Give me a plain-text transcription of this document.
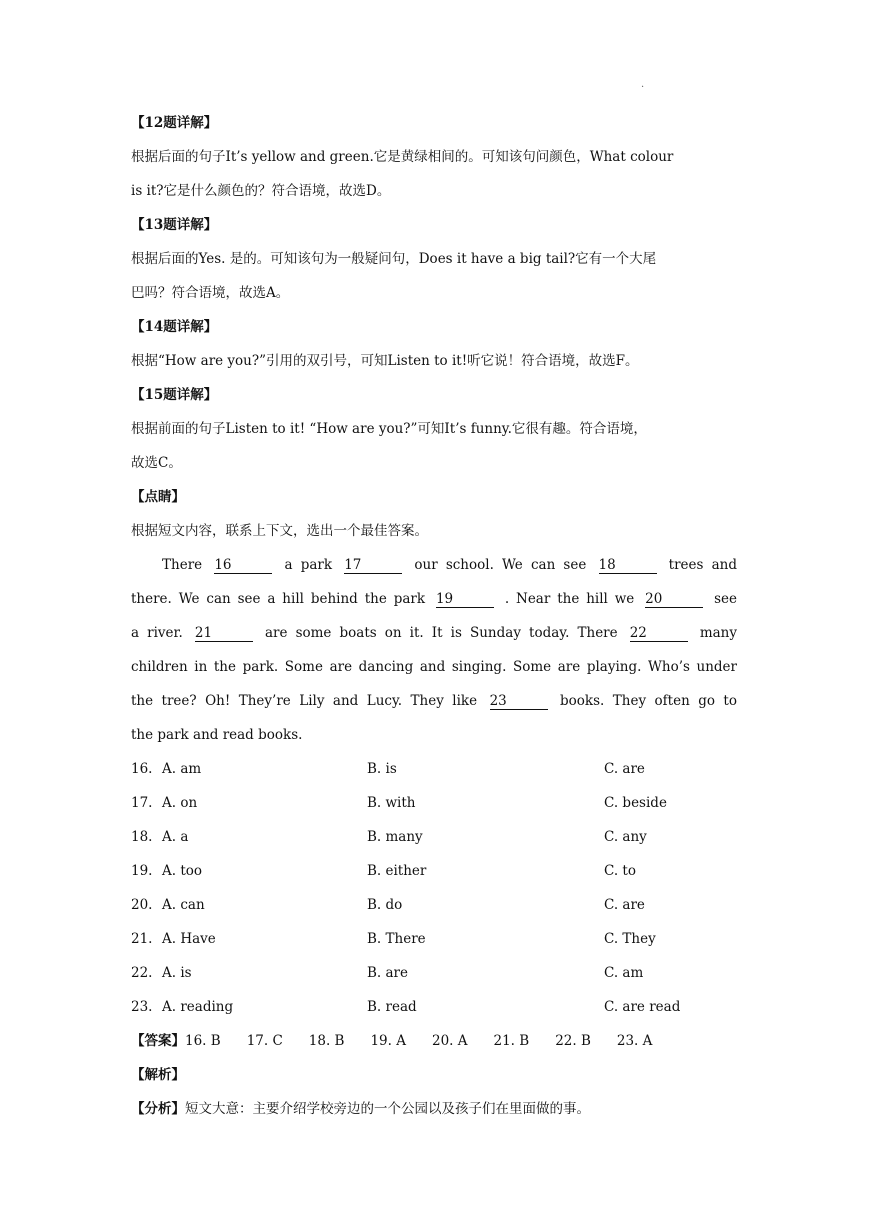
·
【12题详解】
根据后面的句子It’s yellow and green.它是黄绿相间的。可知该句问颜色，What colour
is it?它是什么颜色的？符合语境，故选D。
【13题详解】
根据后面的Yes. 是的。可知该句为一般疑问句，Does it have a big tail?它有一个大尾
巴吗？符合语境，故选A。
【14题详解】
根据“How are you?”引用的双引号，可知Listen to it!听它说！符合语境，故选F。
【15题详解】
根据前面的句子Listen to it! “How are you?”可知It’s funny.它很有趣。符合语境，
故选C。
【点睛】
根据短文内容，联系上下文，选出一个最佳答案。
There 16	a park 17	our school. We can see 18	trees and
there. We can see a hill behind the park 19	. Near the hill we 20	see
a river. 21	are some boats on it. It is Sunday today. There 22	many
children in the park. Some are dancing and singing. Some are playing. Who’s under
the tree? Oh! They’re Lily and Lucy. They like 23	books. They often go to
the park and read books.
16. A. am	B. is	C. are
17. A. on	B. with	C. beside
18. A. a	B. many	C. any
19. A. too	B. either	C. to
20. A. can	B. do	C. are
21. A. Have	B. There	C. They
22. A. is	B. are	C. am
23. A. reading	B. read	C. are read
【答案】16. B 17. C 18. B 19. A 20. A 21. B 22. B 23. A
【解析】
【分析】短文大意：主要介绍学校旁边的一个公园以及孩子们在里面做的事。
